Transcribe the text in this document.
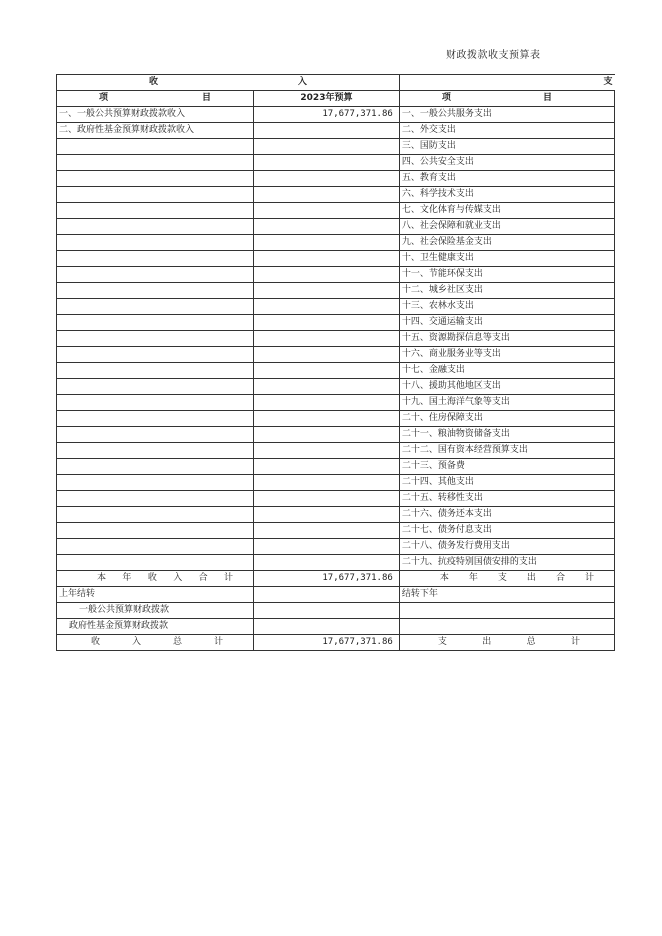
财政拨款收支预算表
收 入		支

项 目	2023年预算	项 目

一、一般公共预算财政拨款收入	17,677,371.86	一、一般公共服务支出
二、政府性基金预算财政拨款收入		二、外交支出
		三、国防支出
		四、公共安全支出
		五、教育支出
		六、科学技术支出
		七、文化体育与传媒支出
		八、社会保障和就业支出
		九、社会保险基金支出
		十、卫生健康支出
		十一、节能环保支出
		十二、城乡社区支出
		十三、农林水支出
		十四、交通运输支出
		十五、资源勘探信息等支出
		十六、商业服务业等支出
		十七、金融支出
		十八、援助其他地区支出
		十九、国土海洋气象等支出
		二十、住房保障支出
		二十一、粮油物资储备支出
		二十二、国有资本经营预算支出
		二十三、预备费
		二十四、其他支出
		二十五、转移性支出
		二十六、债务还本支出
		二十七、债务付息支出
		二十八、债务发行费用支出
		二十九、抗疫特别国债安排的支出
本 年 收 入 合 计	17,677,371.86	本 年 支 出 合 计
上年结转		结转下年
一般公共预算财政拨款		
政府性基金预算财政拨款		
收 入 总 计	17,677,371.86	支 出 总 计
